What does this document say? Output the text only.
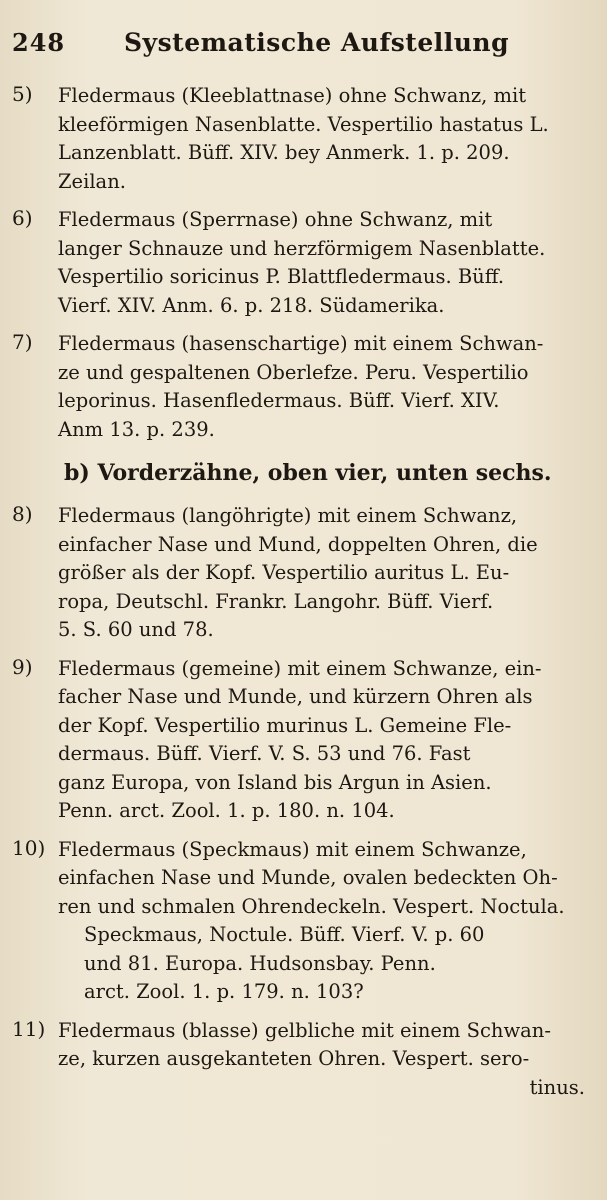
248	Systematische Aufstellung
5)	Fledermaus (Kleeblattnase) ohne Schwanz, mit
kleeförmigen Nasenblatte. Vespertilio hastatus L.
Lanzenblatt. Büff. XIV. bey Anmerk. 1. p. 209.
Zeilan.
6)	Fledermaus (Sperrnase) ohne Schwanz, mit
langer Schnauze und herzförmigem Nasenblatte.
Vespertilio soricinus P. Blattfledermaus. Büff.
Vierf. XIV. Anm. 6. p. 218. Südamerika.
7)	Fledermaus (hasenschartige) mit einem Schwan-
ze und gespaltenen Oberlefze. Peru. Vespertilio
leporinus. Hasenfledermaus. Büff. Vierf. XIV.
Anm 13. p. 239.
b) Vorderzähne, oben vier, unten sechs.
8)	Fledermaus (langöhrigte) mit einem Schwanz,
einfacher Nase und Mund, doppelten Ohren, die
größer als der Kopf. Vespertilio auritus L. Eu-
ropa, Deutschl. Frankr. Langohr. Büff. Vierf.
5. S. 60 und 78.
9)	Fledermaus (gemeine) mit einem Schwanze, ein-
facher Nase und Munde, und kürzern Ohren als
der Kopf. Vespertilio murinus L. Gemeine Fle-
dermaus. Büff. Vierf. V. S. 53 und 76. Fast
ganz Europa, von Island bis Argun in Asien.
Penn. arct. Zool. 1. p. 180. n. 104.
10) Fledermaus (Speckmaus) mit einem Schwanze,
einfachen Nase und Munde, ovalen bedeckten Oh-
ren und schmalen Ohrendeckeln. Vespert. Noctula.
Speckmaus, Noctule. Büff. Vierf. V. p. 60
und 81. Europa. Hudsonsbay. Penn.
arct. Zool. 1. p. 179. n. 103?
11) Fledermaus (blasse) gelbliche mit einem Schwan-
ze, kurzen ausgekanteten Ohren. Vespert. sero-
tinus.
